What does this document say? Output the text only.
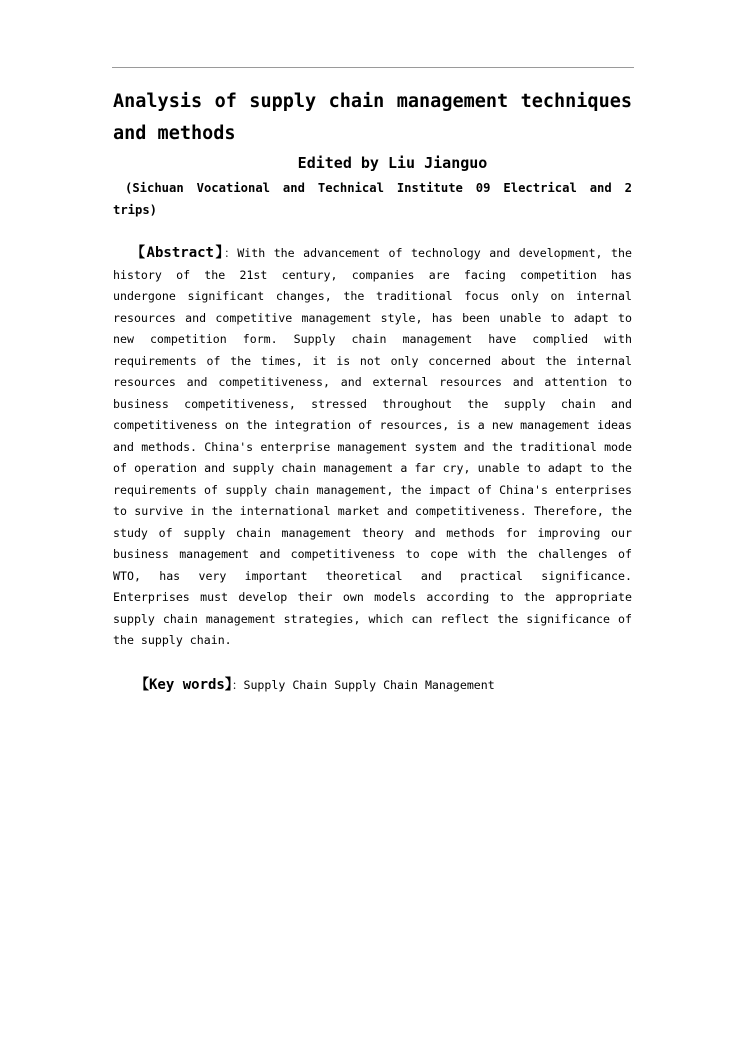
Analysis of supply chain management techniques and methods

Edited by Liu Jianguo

(Sichuan Vocational and Technical Institute 09 Electrical and 2 trips)

【Abstract】：With the advancement of technology and development, the history of the 21st century, companies are facing competition has undergone significant changes, the traditional focus only on internal resources and competitive management style, has been unable to adapt to new competition form. Supply chain management have complied with requirements of the times, it is not only concerned about the internal resources and competitiveness, and external resources and attention to business competitiveness, stressed throughout the supply chain and competitiveness on the integration of resources, is a new management ideas and methods. China's enterprise management system and the traditional mode of operation and supply chain management a far cry, unable to adapt to the requirements of supply chain management, the impact of China's enterprises to survive in the international market and competitiveness. Therefore, the study of supply chain management theory and methods for improving our business management and competitiveness to cope with the challenges of WTO, has very important theoretical and practical significance. Enterprises must develop their own models according to the appropriate supply chain management strategies, which can reflect the significance of the supply chain.

【Key words】：Supply Chain Supply Chain Management
